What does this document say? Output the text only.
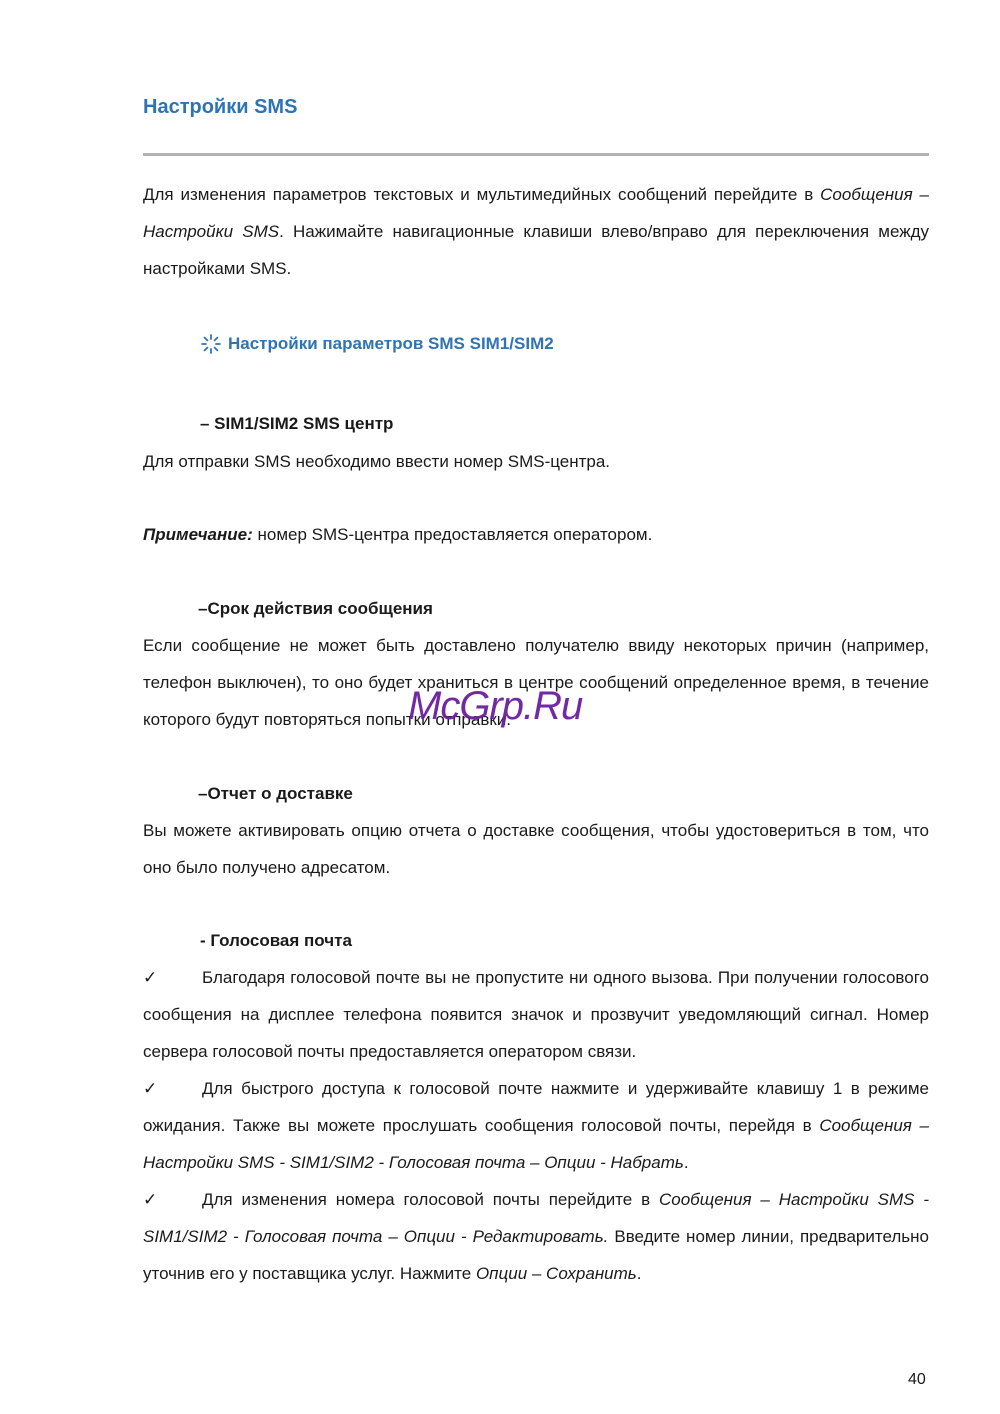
Настройки SMS
Для изменения параметров текстовых и мультимедийных сообщений перейдите в Сообщения – Настройки SMS. Нажимайте навигационные клавиши влево/вправо для переключения между настройками SMS.
Настройки параметров SMS SIM1/SIM2
– SIM1/SIM2 SMS центр
Для отправки SMS необходимо ввести номер SMS-центра.
Примечание: номер SMS-центра предоставляется оператором.
–Срок действия сообщения
Если сообщение не может быть доставлено получателю ввиду некоторых причин (например, телефон выключен), то оно будет храниться в центре сообщений определенное время, в течение которого будут повторяться попытки отправки.
McGrp.Ru
–Отчет о доставке
Вы можете активировать опцию отчета о доставке сообщения, чтобы удостовериться в том, что оно было получено адресатом.
- Голосовая почта
✓	Благодаря голосовой почте вы не пропустите ни одного вызова. При получении голосового сообщения на дисплее телефона появится значок и прозвучит уведомляющий сигнал. Номер сервера голосовой почты предоставляется оператором связи.
✓	Для быстрого доступа к голосовой почте нажмите и удерживайте клавишу 1 в режиме ожидания. Также вы можете прослушать сообщения голосовой почты, перейдя в Сообщения – Настройки SMS - SIM1/SIM2 - Голосовая почта – Опции - Набрать.
✓	Для изменения номера голосовой почты перейдите в Сообщения – Настройки SMS - SIM1/SIM2 - Голосовая почта – Опции - Редактировать. Введите номер линии, предварительно уточнив его у поставщика услуг. Нажмите Опции – Сохранить.
40
